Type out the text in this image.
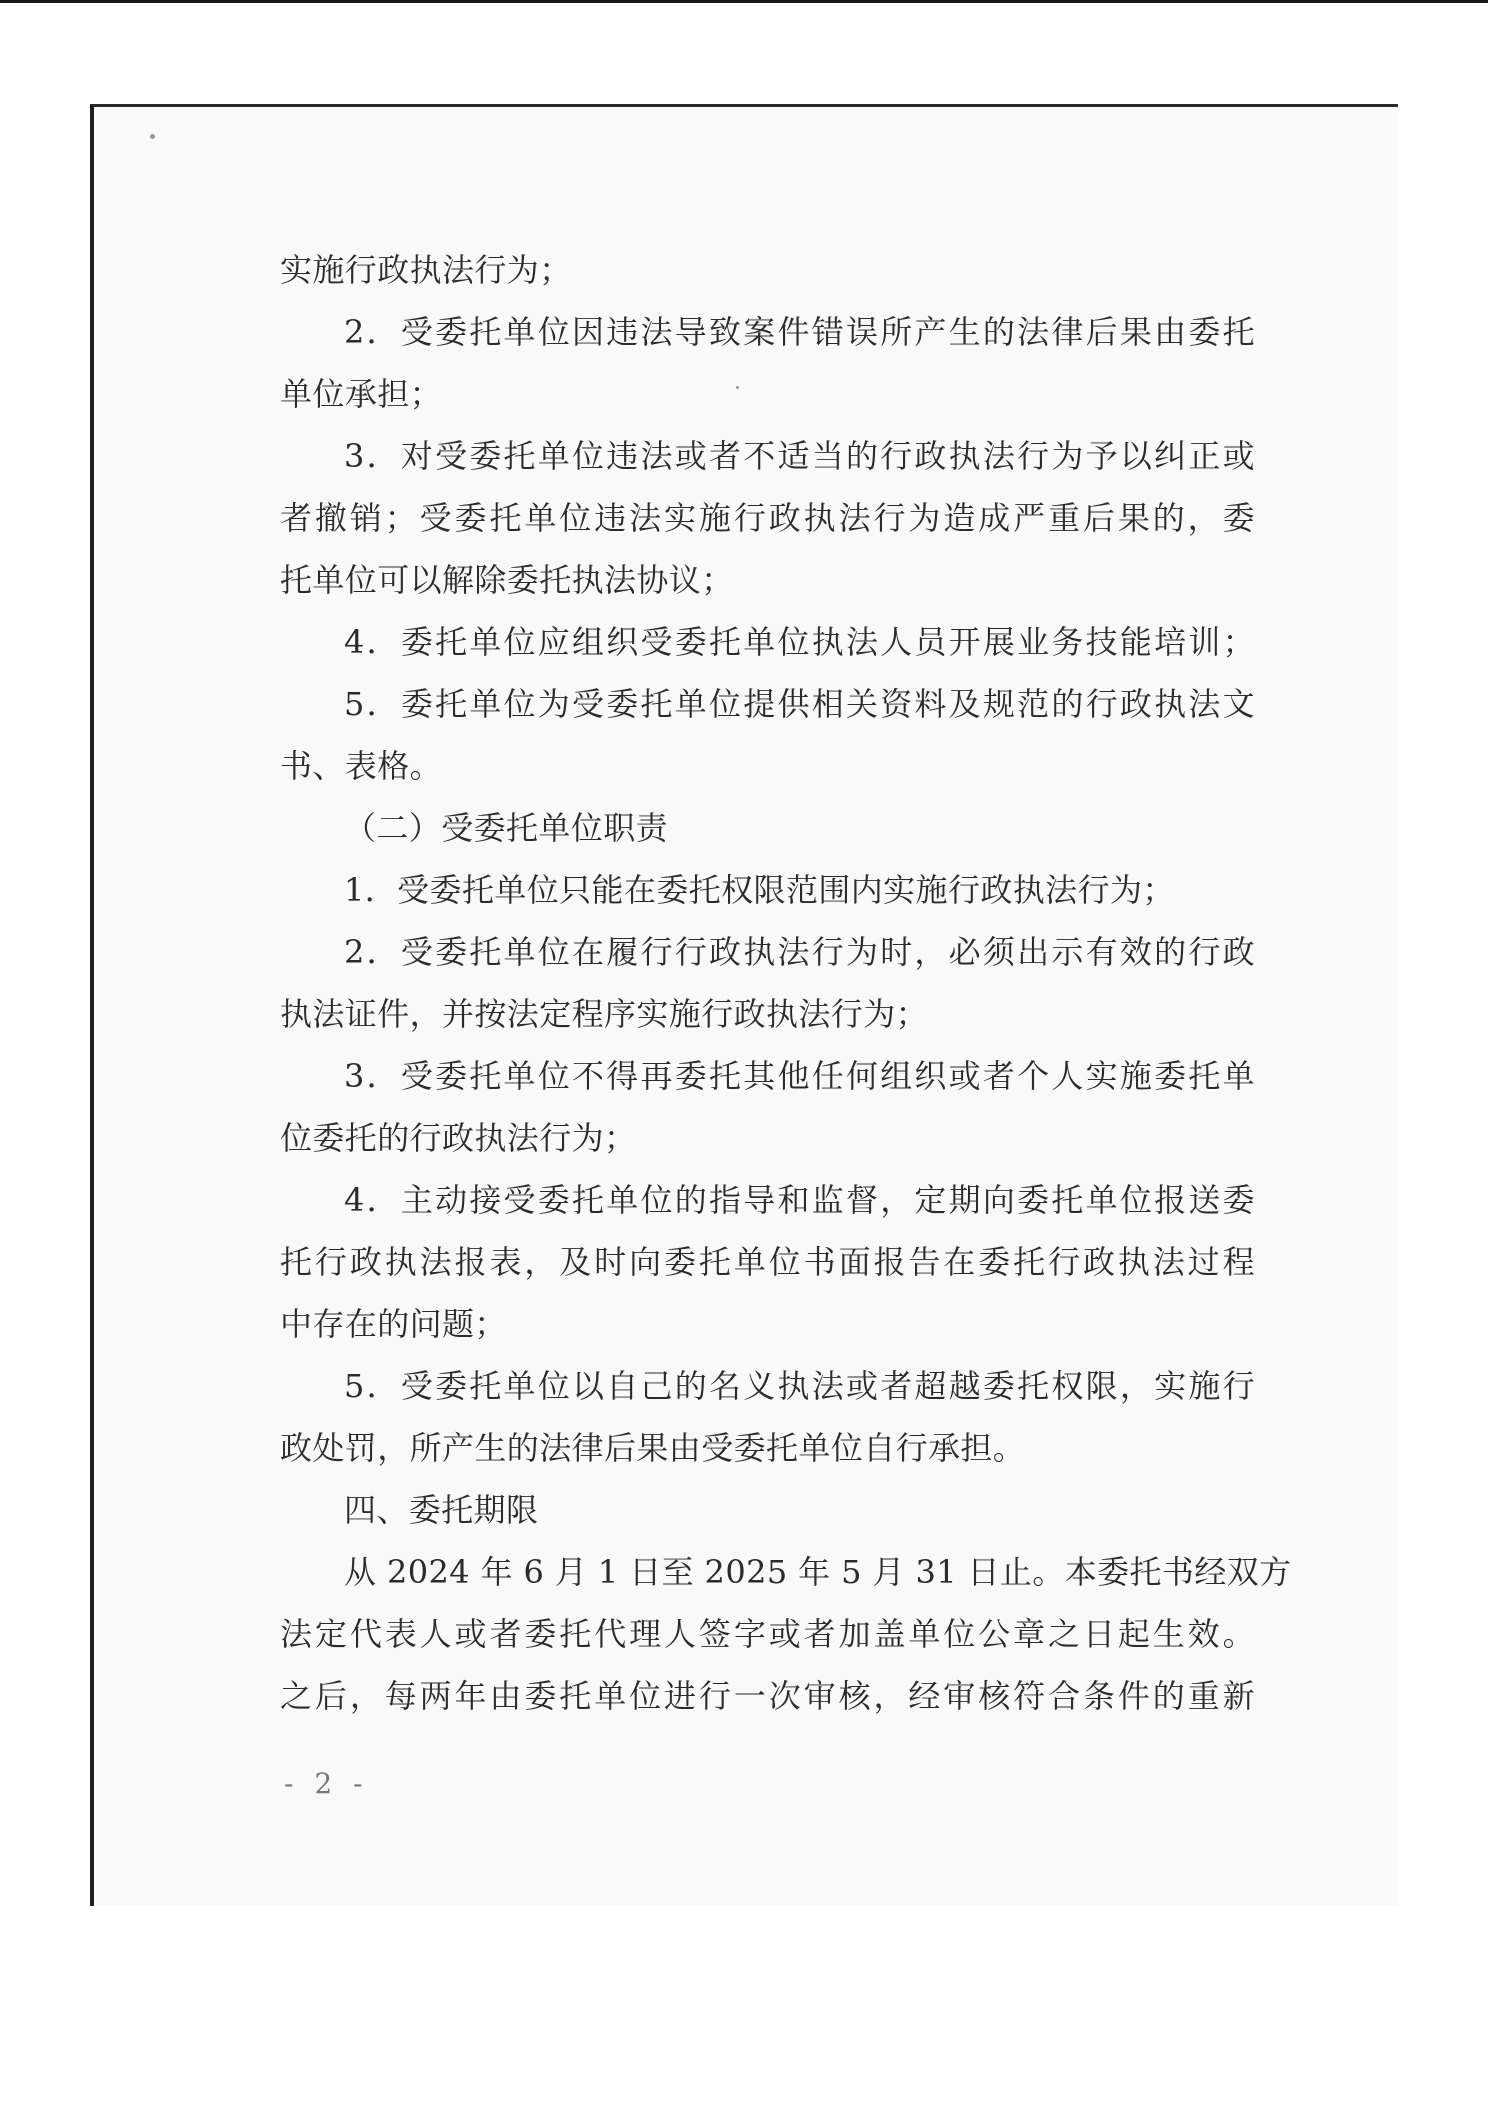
实施行政执法行为；
2．受委托单位因违法导致案件错误所产生的法律后果由委托
单位承担；
3．对受委托单位违法或者不适当的行政执法行为予以纠正或
者撤销；受委托单位违法实施行政执法行为造成严重后果的，委
托单位可以解除委托执法协议；
4．委托单位应组织受委托单位执法人员开展业务技能培训；
5．委托单位为受委托单位提供相关资料及规范的行政执法文
书、表格。
（二）受委托单位职责
1．受委托单位只能在委托权限范围内实施行政执法行为；
2．受委托单位在履行行政执法行为时，必须出示有效的行政
执法证件，并按法定程序实施行政执法行为；
3．受委托单位不得再委托其他任何组织或者个人实施委托单
位委托的行政执法行为；
4．主动接受委托单位的指导和监督，定期向委托单位报送委
托行政执法报表，及时向委托单位书面报告在委托行政执法过程
中存在的问题；
5．受委托单位以自己的名义执法或者超越委托权限，实施行
政处罚，所产生的法律后果由受委托单位自行承担。
四、委托期限
从 2024 年 6 月 1 日至 2025 年 5 月 31 日止。本委托书经双方
法定代表人或者委托代理人签字或者加盖单位公章之日起生效。
之后，每两年由委托单位进行一次审核，经审核符合条件的重新
- 2 -
